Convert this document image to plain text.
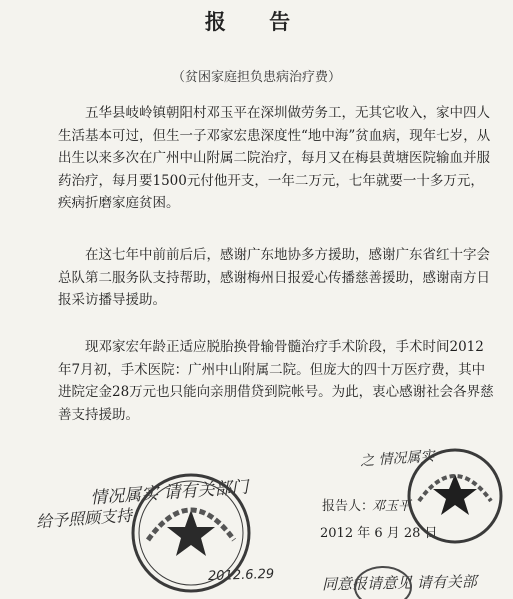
报 告
（贫困家庭担负患病治疗费）

五华县岐岭镇朝阳村邓玉平在深圳做劳务工，无其它收入，家中四人生活基本可过，但生一子邓家宏患深度性“地中海”贫血病，现年七岁，从出生以来多次在广州中山附属二院治疗，每月又在梅县黄塘医院输血并服药治疗，每月要1500元付他开支，一年二万元，七年就要一十多万元，疾病折磨家庭贫困。

在这七年中前前后后，感谢广东地协多方援助，感谢广东省红十字会总队第二服务队支持帮助，感谢梅州日报爱心传播慈善援助，感谢南方日报采访播导援助。

现邓家宏年龄正适应脱胎换骨输骨髓治疗手术阶段，手术时间2012年7月初，手术医院：广州中山附属二院。但庞大的四十万医疗费，其中进院定金28万元也只能向亲朋借贷到院帐号。为此，衷心感谢社会各界慈善支持援助。

情况属实 请有关部门
给予照顾支持
2012.6.29
报告人：
邓玉平
2012 年 6 月 28 日
之 情况属实
同意报请意见 请有关部
